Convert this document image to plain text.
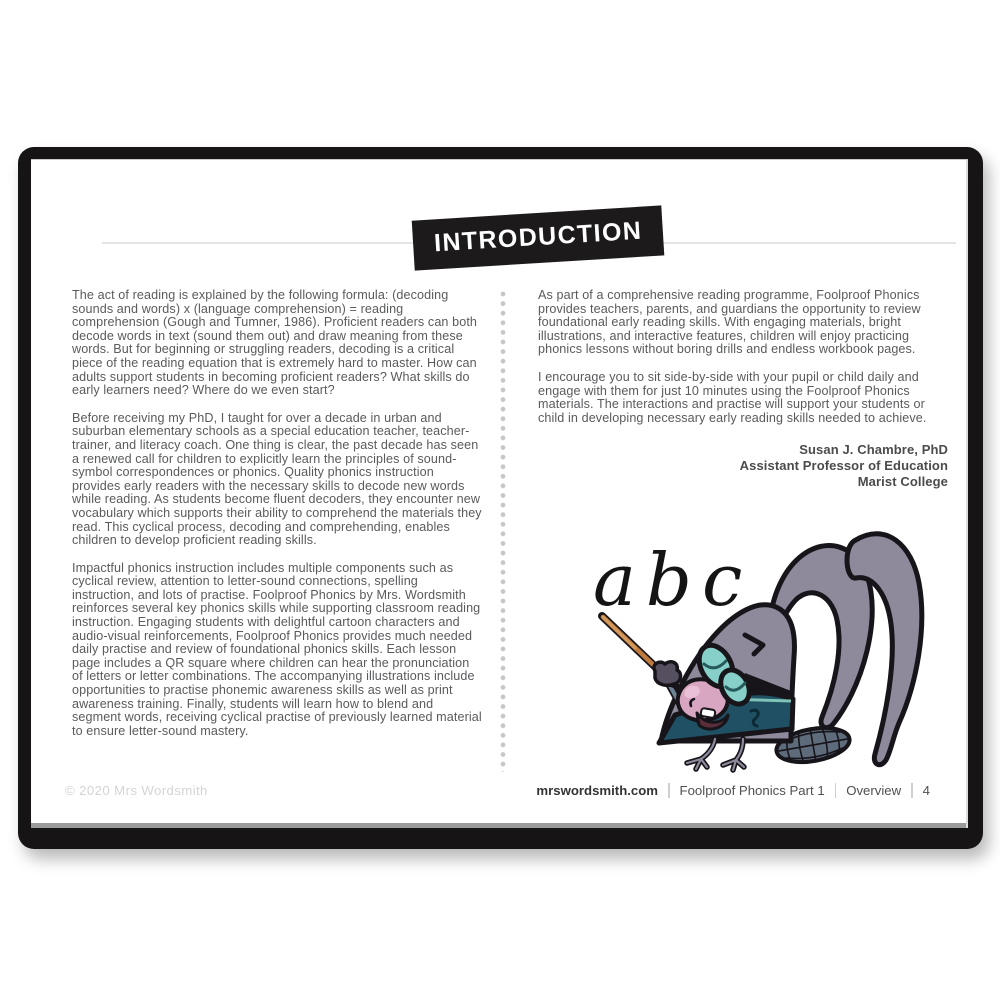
INTRODUCTION

The act of reading is explained by the following formula: (decoding sounds and words) x (language comprehension) = reading comprehension (Gough and Tumner, 1986). Proficient readers can both decode words in text (sound them out) and draw meaning from these words. But for beginning or struggling readers, decoding is a critical piece of the reading equation that is extremely hard to master. How can adults support students in becoming proficient readers? What skills do early learners need? Where do we even start?

Before receiving my PhD, I taught for over a decade in urban and suburban elementary schools as a special education teacher, teacher-trainer, and literacy coach. One thing is clear, the past decade has seen a renewed call for children to explicitly learn the principles of sound-symbol correspondences or phonics. Quality phonics instruction provides early readers with the necessary skills to decode new words while reading. As students become fluent decoders, they encounter new vocabulary which supports their ability to comprehend the materials they read. This cyclical process, decoding and comprehending, enables children to develop proficient reading skills.

Impactful phonics instruction includes multiple components such as cyclical review, attention to letter-sound connections, spelling instruction, and lots of practise. Foolproof Phonics by Mrs. Wordsmith reinforces several key phonics skills while supporting classroom reading instruction. Engaging students with delightful cartoon characters and audio-visual reinforcements, Foolproof Phonics provides much needed daily practise and review of foundational phonics skills. Each lesson page includes a QR square where children can hear the pronunciation of letters or letter combinations. The accompanying illustrations include opportunities to practise phonemic awareness skills as well as print awareness training. Finally, students will learn how to blend and segment words, receiving cyclical practise of previously learned material to ensure letter-sound mastery.

As part of a comprehensive reading programme, Foolproof Phonics provides teachers, parents, and guardians the opportunity to review foundational early reading skills. With engaging materials, bright illustrations, and interactive features, children will enjoy practicing phonics lessons without boring drills and endless workbook pages.

I encourage you to sit side-by-side with your pupil or child daily and engage with them for just 10 minutes using the Foolproof Phonics materials. The interactions and practise will support your students or child in developing necessary early reading skills needed to achieve.

Susan J. Chambre, PhD
Assistant Professor of Education
Marist College
abc
© 2020 Mrs Wordsmith	mrswordsmith.com Foolproof Phonics Part 1 Overview 4
